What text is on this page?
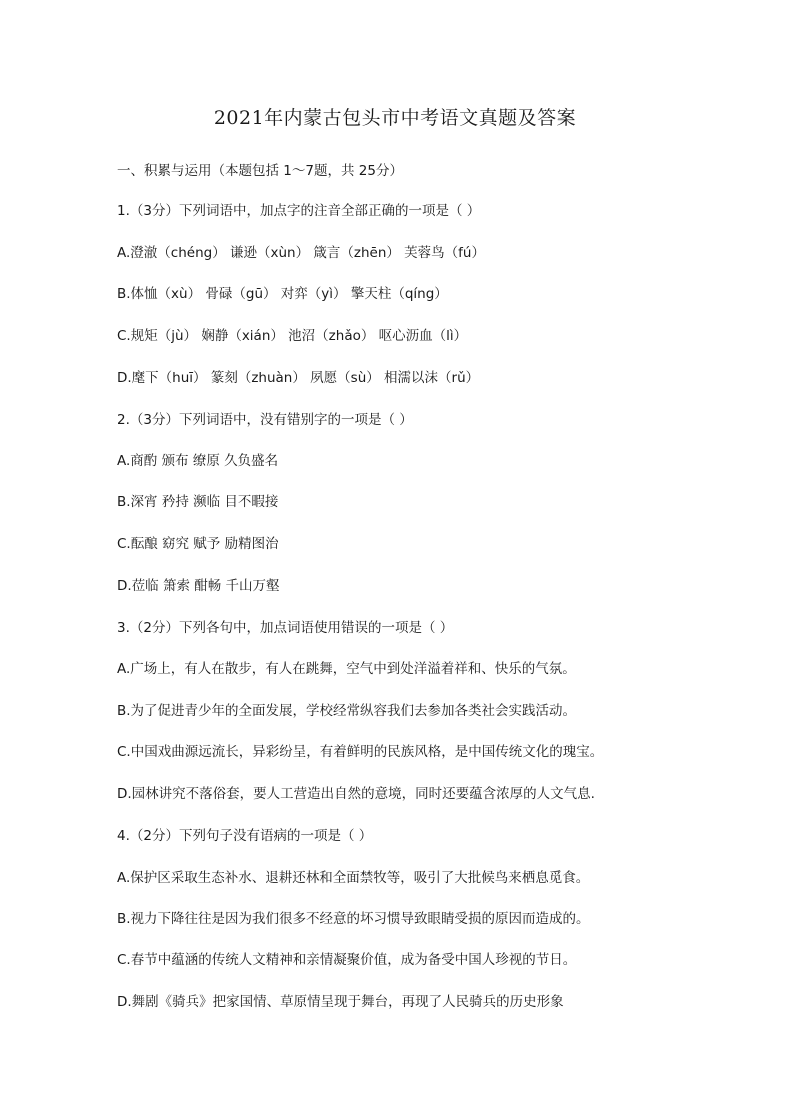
2021年内蒙古包头市中考语文真题及答案
一、积累与运用（本题包括 1～7题，共 25分）
1.（3分）下列词语中，加点字的注音全部正确的一项是（ ）
A.澄澈（chéng） 谦逊（xùn） 箴言（zhēn） 芙蓉鸟（fú）
B.体恤（xù） 骨碌（gū） 对弈（yì） 擎天柱（qíng）
C.规矩（jù） 娴静（xián） 池沼（zhǎo） 呕心沥血（lì）
D.麾下（huī） 篆刻（zhuàn） 夙愿（sù） 相濡以沫（rǔ）
2.（3分）下列词语中，没有错别字的一项是（ ）
A.商酌 颁布 缭原 久负盛名
B.深宵 矜持 濒临 目不暇接
C.酝酿 窈究 赋予 励精图治
D.莅临 箫索 酣畅 千山万壑
3.（2分）下列各句中，加点词语使用错误的一项是（ ）
A.广场上，有人在散步，有人在跳舞，空气中到处洋溢着祥和、快乐的气氛。
B.为了促进青少年的全面发展，学校经常纵容我们去参加各类社会实践活动。
C.中国戏曲源远流长，异彩纷呈，有着鲜明的民族风格，是中国传统文化的瑰宝。
D.园林讲究不落俗套，要人工营造出自然的意境，同时还要蕴含浓厚的人文气息.
4.（2分）下列句子没有语病的一项是（ ）
A.保护区采取生态补水、退耕还林和全面禁牧等，吸引了大批候鸟来栖息觅食。
B.视力下降往往是因为我们很多不经意的坏习惯导致眼睛受损的原因而造成的。
C.春节中蕴涵的传统人文精神和亲情凝聚价值，成为备受中国人珍视的节日。
D.舞剧《骑兵》把家国情、草原情呈现于舞台，再现了人民骑兵的历史形象
